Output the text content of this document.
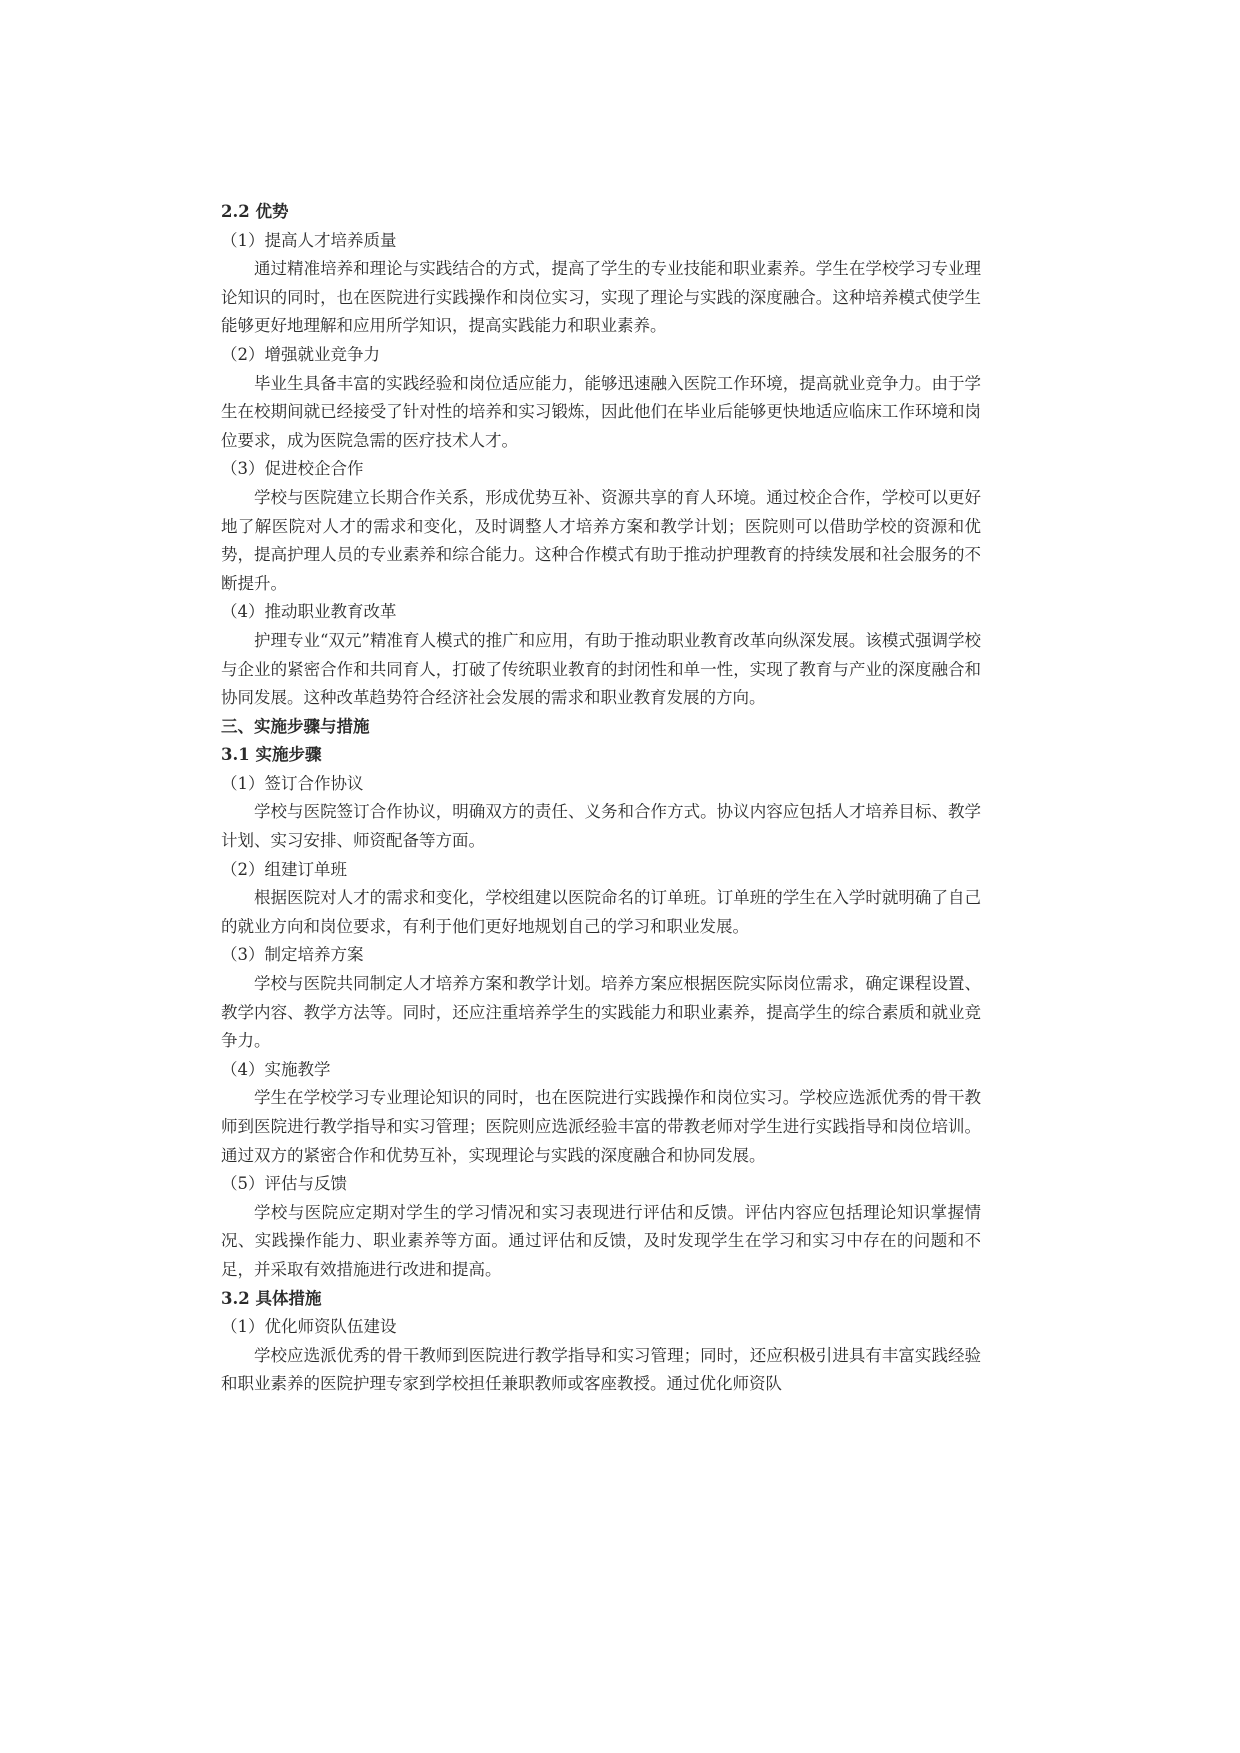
2.2 优势
（1）提高人才培养质量

通过精准培养和理论与实践结合的方式，提高了学生的专业技能和职业素养。学生在学校学习专业理论知识的同时，也在医院进行实践操作和岗位实习，实现了理论与实践的深度融合。这种培养模式使学生能够更好地理解和应用所学知识，提高实践能力和职业素养。

（2）增强就业竞争力

毕业生具备丰富的实践经验和岗位适应能力，能够迅速融入医院工作环境，提高就业竞争力。由于学生在校期间就已经接受了针对性的培养和实习锻炼，因此他们在毕业后能够更快地适应临床工作环境和岗位要求，成为医院急需的医疗技术人才。

（3）促进校企合作

学校与医院建立长期合作关系，形成优势互补、资源共享的育人环境。通过校企合作，学校可以更好地了解医院对人才的需求和变化，及时调整人才培养方案和教学计划；医院则可以借助学校的资源和优势，提高护理人员的专业素养和综合能力。这种合作模式有助于推动护理教育的持续发展和社会服务的不断提升。

（4）推动职业教育改革

护理专业“双元”精准育人模式的推广和应用，有助于推动职业教育改革向纵深发展。该模式强调学校与企业的紧密合作和共同育人，打破了传统职业教育的封闭性和单一性，实现了教育与产业的深度融合和协同发展。这种改革趋势符合经济社会发展的需求和职业教育发展的方向。

三、实施步骤与措施
3.1 实施步骤
（1）签订合作协议

学校与医院签订合作协议，明确双方的责任、义务和合作方式。协议内容应包括人才培养目标、教学计划、实习安排、师资配备等方面。

（2）组建订单班

根据医院对人才的需求和变化，学校组建以医院命名的订单班。订单班的学生在入学时就明确了自己的就业方向和岗位要求，有利于他们更好地规划自己的学习和职业发展。

（3）制定培养方案

学校与医院共同制定人才培养方案和教学计划。培养方案应根据医院实际岗位需求，确定课程设置、教学内容、教学方法等。同时，还应注重培养学生的实践能力和职业素养，提高学生的综合素质和就业竞争力。

（4）实施教学

学生在学校学习专业理论知识的同时，也在医院进行实践操作和岗位实习。学校应选派优秀的骨干教师到医院进行教学指导和实习管理；医院则应选派经验丰富的带教老师对学生进行实践指导和岗位培训。通过双方的紧密合作和优势互补，实现理论与实践的深度融合和协同发展。

（5）评估与反馈

学校与医院应定期对学生的学习情况和实习表现进行评估和反馈。评估内容应包括理论知识掌握情况、实践操作能力、职业素养等方面。通过评估和反馈，及时发现学生在学习和实习中存在的问题和不足，并采取有效措施进行改进和提高。

3.2 具体措施
（1）优化师资队伍建设

学校应选派优秀的骨干教师到医院进行教学指导和实习管理；同时，还应积极引进具有丰富实践经验和职业素养的医院护理专家到学校担任兼职教师或客座教授。通过优化师资队
